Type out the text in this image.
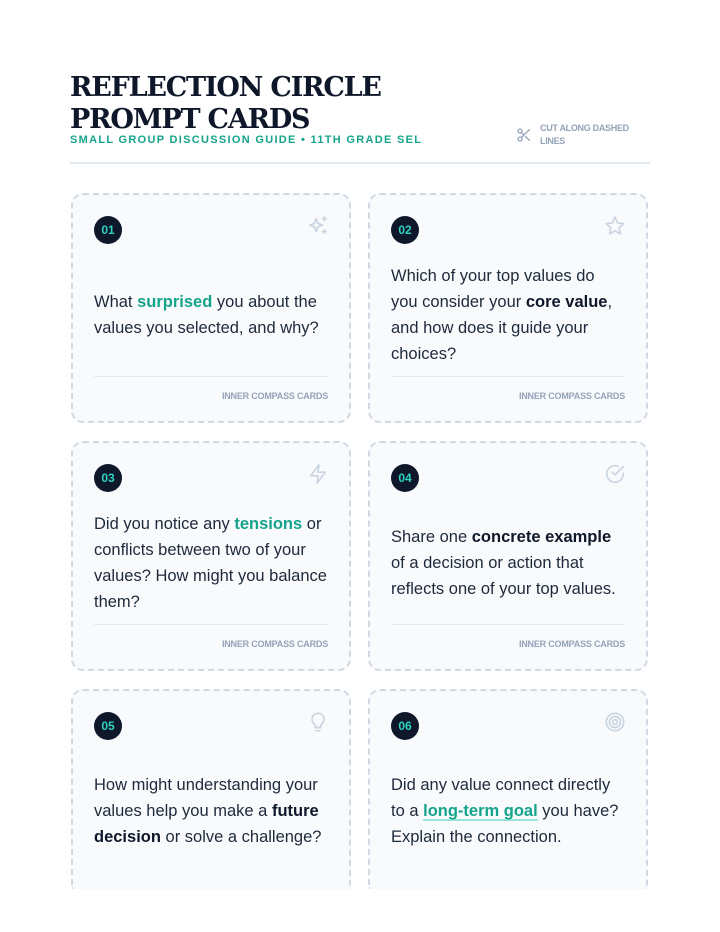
REFLECTION CIRCLE PROMPT CARDS
SMALL GROUP DISCUSSION GUIDE • 11TH GRADE SEL
CUT ALONG DASHED LINES
01

What surprised you about the values you selected, and why?

INNER COMPASS CARDS
02

Which of your top values do you consider your core value, and how does it guide your choices?

INNER COMPASS CARDS
03

Did you notice any tensions or conflicts between two of your values? How might you balance them?

INNER COMPASS CARDS
04

Share one concrete example of a decision or action that reflects one of your top values.

INNER COMPASS CARDS
05

How might understanding your values help you make a future decision or solve a challenge?

06

Did any value connect directly to a long-term goal you have? Explain the connection.
